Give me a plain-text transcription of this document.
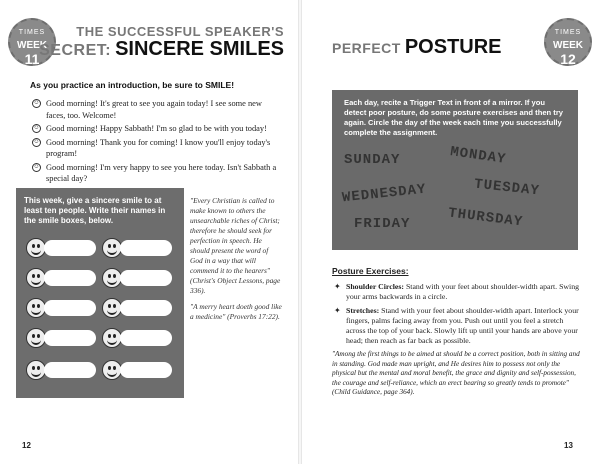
TIMES
WEEK 11
THE SUCCESSFUL SPEAKER'S
SECRET: SINCERE SMILES
As you practice an introduction, be sure to SMILE!
☺ Good morning! It's great to see you again today! I see some new faces, too. Welcome!
☺ Good morning! Happy Sabbath! I'm so glad to be with you today!
☺ Good morning! Thank you for coming! I know you'll enjoy today's program!
☺ Good morning! I'm very happy to see you here today. Isn't Sabbath a special day?
This week, give a sincere smile to at least ten people. Write their names in the smile boxes, below.
"Every Christian is called to make known to others the unsearchable riches of Christ; therefore he should seek for perfection in speech. He should present the word of God in a way that will commend it to the hearers" (Christ's Object Lessons, page 336).
"A merry heart doeth good like a medicine" (Proverbs 17:22).
12
PERFECT POSTURE
TIMES
WEEK 12
Each day, recite a Trigger Text in front of a mirror. If you detect poor posture, do some posture exercises and then try again. Circle the day of the week each time you successfully complete the assignment.
SUNDAY	MONDAY
WEDNESDAY	TUESDAY
FRIDAY	THURSDAY
Posture Exercises:
✦ Shoulder Circles: Stand with your feet about shoulder-width apart. Swing your arms backwards in a circle.
✦ Stretches: Stand with your feet about shoulder-width apart. Interlock your fingers, palms facing away from you. Push out until you feel a stretch across the top of your back. Slowly lift up until your hands are above your head; then reach as far back as possible.
"Among the first things to be aimed at should be a correct position, both in sitting and in standing. God made man upright, and He desires him to possess not only the physical but the mental and moral benefit, the grace and dignity and self-possession, the courage and self-reliance, which an erect bearing so greatly tends to promote" (Child Guidance, page 364).
13
